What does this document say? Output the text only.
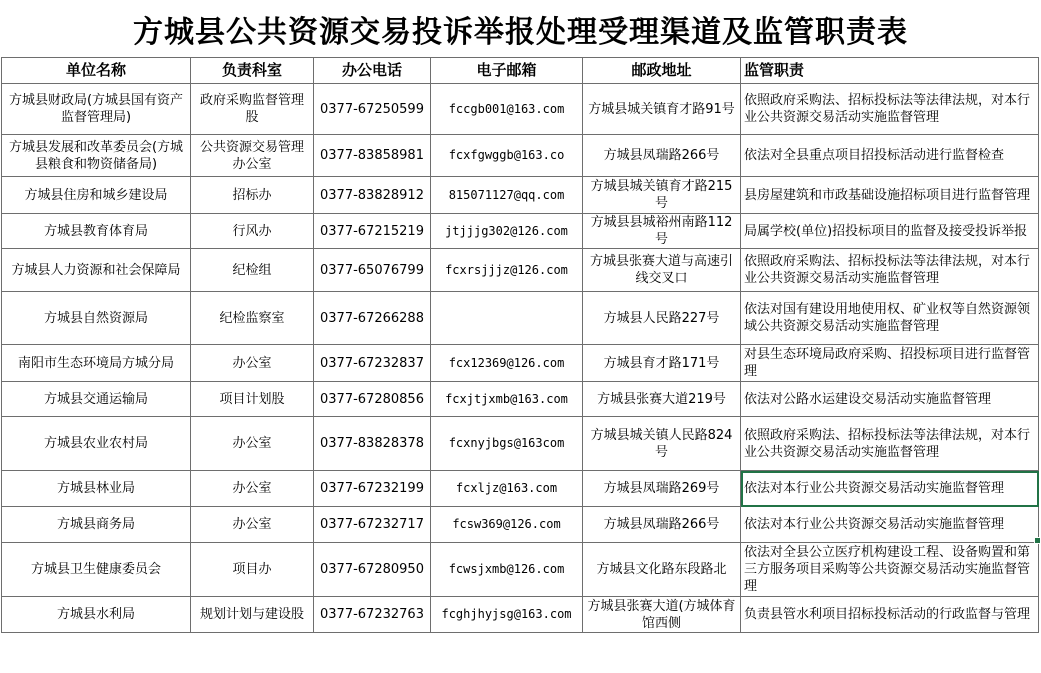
方城县公共资源交易投诉举报处理受理渠道及监管职责表
单位名称	负责科室	办公电话	电子邮箱	邮政地址	监管职责
方城县财政局(方城县国有资产监督管理局)	政府采购监督管理股	0377-67250599	fccgb001@163.com	方城县城关镇育才路91号	依照政府采购法、招标投标法等法律法规，对本行业公共资源交易活动实施监督管理
方城县发展和改革委员会(方城县粮食和物资储备局)	公共资源交易管理办公室	0377-83858981	fcxfgwggb@163.co	方城县凤瑞路266号	依法对全县重点项目招投标活动进行监督检查
方城县住房和城乡建设局	招标办	0377-83828912	815071127@qq.com	方城县城关镇育才路215 号	县房屋建筑和市政基础设施招标项目进行监督管理
方城县教育体育局	行风办	0377-67215219	jtjjjg302@126.com	方城县县城裕州南路112 号	局属学校(单位)招投标项目的监督及接受投诉举报
方城县人力资源和社会保障局	纪检组	0377-65076799	fcxrsjjjz@126.com	方城县张赛大道与高速引线交叉口	依照政府采购法、招标投标法等法律法规，对本行业公共资源交易活动实施监督管理
方城县自然资源局	纪检监察室	0377-67266288		方城县人民路227号	依法对国有建设用地使用权、矿业权等自然资源领域公共资源交易活动实施监督管理
南阳市生态环境局方城分局	办公室	0377-67232837	fcx12369@126.com	方城县育才路171号	对县生态环境局政府采购、招投标项目进行监督管理
方城县交通运输局	项目计划股	0377-67280856	fcxjtjxmb@163.com	方城县张赛大道219号	依法对公路水运建设交易活动实施监督管理
方城县农业农村局	办公室	0377-83828378	fcxnyjbgs@163com	方城县城关镇人民路824号	依照政府采购法、招标投标法等法律法规，对本行业公共资源交易活动实施监督管理
方城县林业局	办公室	0377-67232199	fcxljz@163.com	方城县凤瑞路269号	依法对本行业公共资源交易活动实施监督管理
方城县商务局	办公室	0377-67232717	fcsw369@126.com	方城县凤瑞路266号	依法对本行业公共资源交易活动实施监督管理
方城县卫生健康委员会	项目办	0377-67280950	fcwsjxmb@126.com	方城县文化路东段路北	依法对全县公立医疗机构建设工程、设备购置和第三方服务项目采购等公共资源交易活动实施监督管理
方城县水利局	规划计划与建设股	0377-67232763	fcghjhyjsg@163.com	方城县张赛大道(方城体育馆西侧	负责县管水利项目招标投标活动的行政监督与管理
